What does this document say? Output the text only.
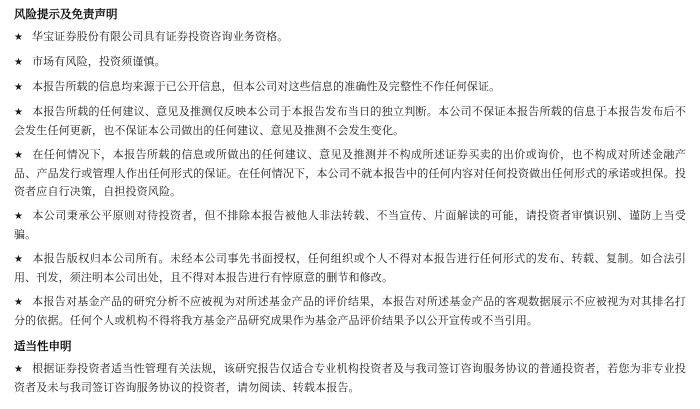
风险提示及免责声明
★ 华宝证券股份有限公司具有证券投资咨询业务资格。
★ 市场有风险，投资须谨慎。
★ 本报告所载的信息均来源于已公开信息，但本公司对这些信息的准确性及完整性不作任何保证。
★ 本报告所载的任何建议、意见及推测仅反映本公司于本报告发布当日的独立判断。本公司不保证本报告所载的信息于本报告发布后不会发生任何更新，也不保证本公司做出的任何建议、意见及推测不会发生变化。
★ 在任何情况下，本报告所载的信息或所做出的任何建议、意见及推测并不构成所述证券买卖的出价或询价，也不构成对所述金融产品、产品发行或管理人作出任何形式的保证。在任何情况下，本公司不就本报告中的任何内容对任何投资做出任何形式的承诺或担保。投资者应自行决策，自担投资风险。
★ 本公司秉承公平原则对待投资者，但不排除本报告被他人非法转载、不当宣传、片面解读的可能，请投资者审慎识别、谨防上当受骗。
★ 本报告版权归本公司所有。未经本公司事先书面授权，任何组织或个人不得对本报告进行任何形式的发布、转载、复制。如合法引用、刊发，须注明本公司出处，且不得对本报告进行有悖原意的删节和修改。
★ 本报告对基金产品的研究分析不应被视为对所述基金产品的评价结果，本报告对所述基金产品的客观数据展示不应被视为对其排名打分的依据。任何个人或机构不得将我方基金产品研究成果作为基金产品评价结果予以公开宣传或不当引用。
适当性申明
★ 根据证券投资者适当性管理有关法规，该研究报告仅适合专业机构投资者及与我司签订咨询服务协议的普通投资者，若您为非专业投资者及未与我司签订咨询服务协议的投资者，请勿阅读、转载本报告。
